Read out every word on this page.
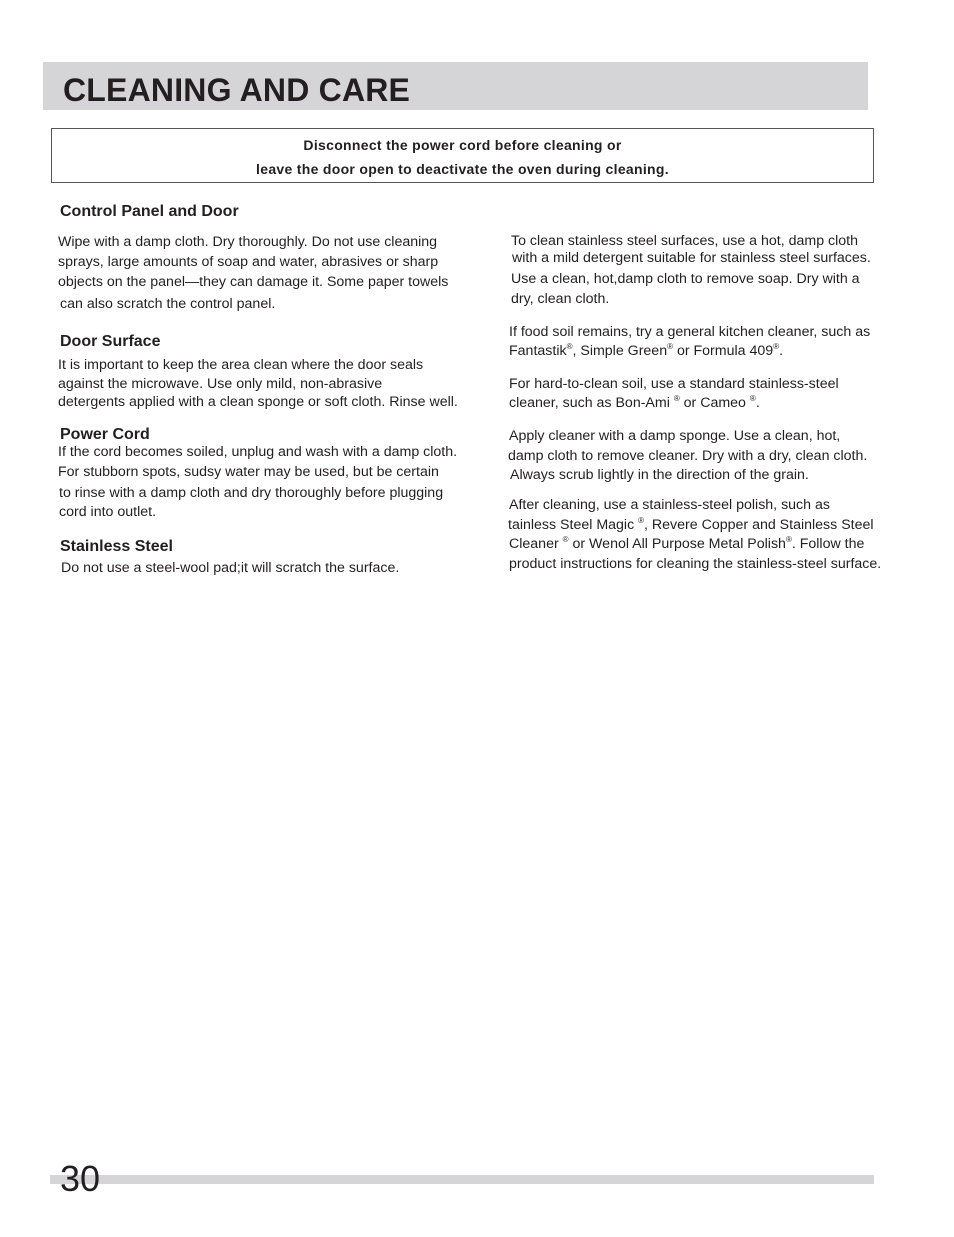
CLEANING AND CARE
Disconnect the power cord before cleaning or
leave the door open to deactivate the oven during cleaning.
Control Panel and Door
Wipe with a damp cloth. Dry thoroughly. Do not use cleaning
sprays, large amounts of soap and water, abrasives or sharp
objects on the panel—they can damage it. Some paper towels
can also scratch the control panel.
Door Surface
It is important to keep the area clean where the door seals
against the microwave. Use only mild, non-abrasive
detergents applied with a clean sponge or soft cloth. Rinse well.
Power Cord
If the cord becomes soiled, unplug and wash with a damp cloth.
For stubborn spots, sudsy water may be used, but be certain
to rinse with a damp cloth and dry thoroughly before plugging
cord into outlet.
Stainless Steel
Do not use a steel-wool pad;it will scratch the surface.
To clean stainless steel surfaces, use a hot, damp cloth
with a mild detergent suitable for stainless steel surfaces.
Use a clean, hot,damp cloth to remove soap. Dry with a
dry, clean cloth.
If food soil remains, try a general kitchen cleaner, such as
Fantastik®, Simple Green® or Formula 409®.
For hard-to-clean soil, use a standard stainless-steel
cleaner, such as Bon-Ami ® or Cameo ®.
Apply cleaner with a damp sponge. Use a clean, hot,
damp cloth to remove cleaner. Dry with a dry, clean cloth.
Always scrub lightly in the direction of the grain.
After cleaning, use a stainless-steel polish, such as
tainless Steel Magic ®, Revere Copper and Stainless Steel
Cleaner ® or Wenol All Purpose Metal Polish®. Follow the
product instructions for cleaning the stainless-steel surface.
30
